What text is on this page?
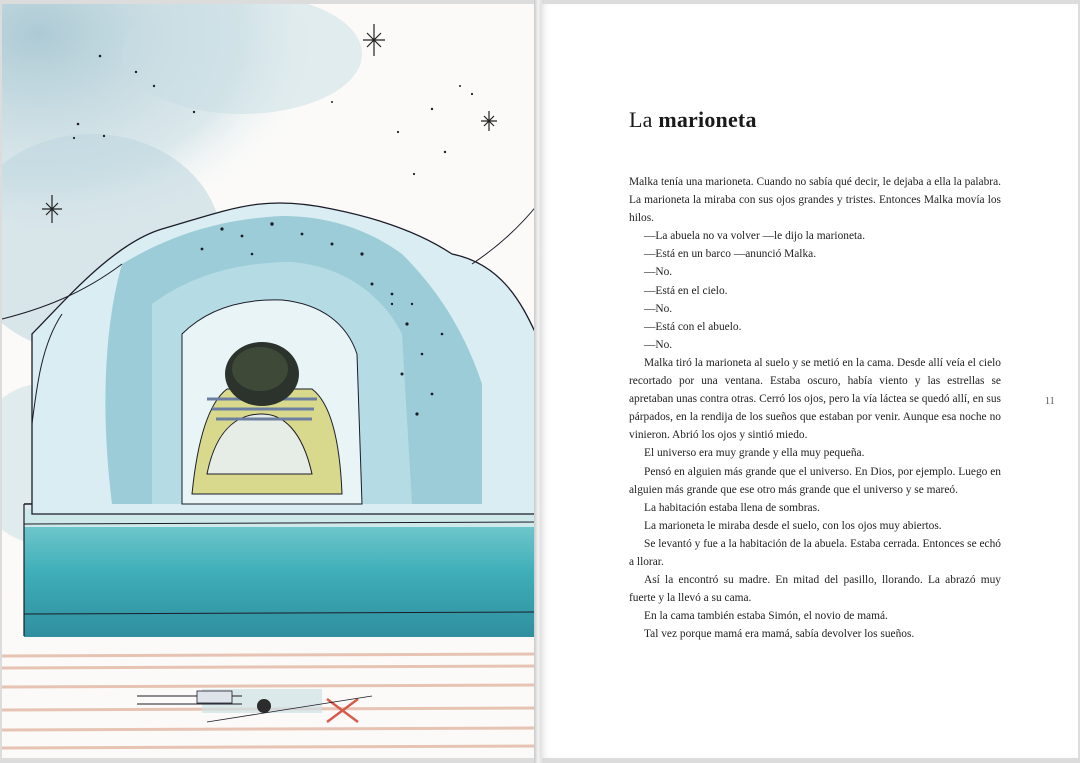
La marioneta

Malka tenía una marioneta. Cuando no sabía qué decir, le dejaba a ella la palabra. La marioneta la miraba con sus ojos grandes y tristes. Entonces Malka movía los hilos.

—La abuela no va volver —le dijo la marioneta.

—Está en un barco —anunció Malka.

—No.

—Está en el cielo.

—No.

—Está con el abuelo.

—No.

Malka tiró la marioneta al suelo y se metió en la cama. Desde allí veía el cielo recortado por una ventana. Estaba oscuro, había viento y las estrellas se apretaban unas contra otras. Cerró los ojos, pero la vía láctea se quedó allí, en sus párpados, en la rendija de los sueños que estaban por venir. Aunque esa noche no vinieron. Abrió los ojos y sintió miedo.

El universo era muy grande y ella muy pequeña.

Pensó en alguien más grande que el universo. En Dios, por ejemplo. Luego en alguien más grande que ese otro más grande que el universo y se mareó.

La habitación estaba llena de sombras.

La marioneta le miraba desde el suelo, con los ojos muy abiertos.

Se levantó y fue a la habitación de la abuela. Estaba cerrada. Entonces se echó a llorar.

Así la encontró su madre. En mitad del pasillo, llorando. La abrazó muy fuerte y la llevó a su cama.

En la cama también estaba Simón, el novio de mamá.

Tal vez porque mamá era mamá, sabía devolver los sueños.

11
